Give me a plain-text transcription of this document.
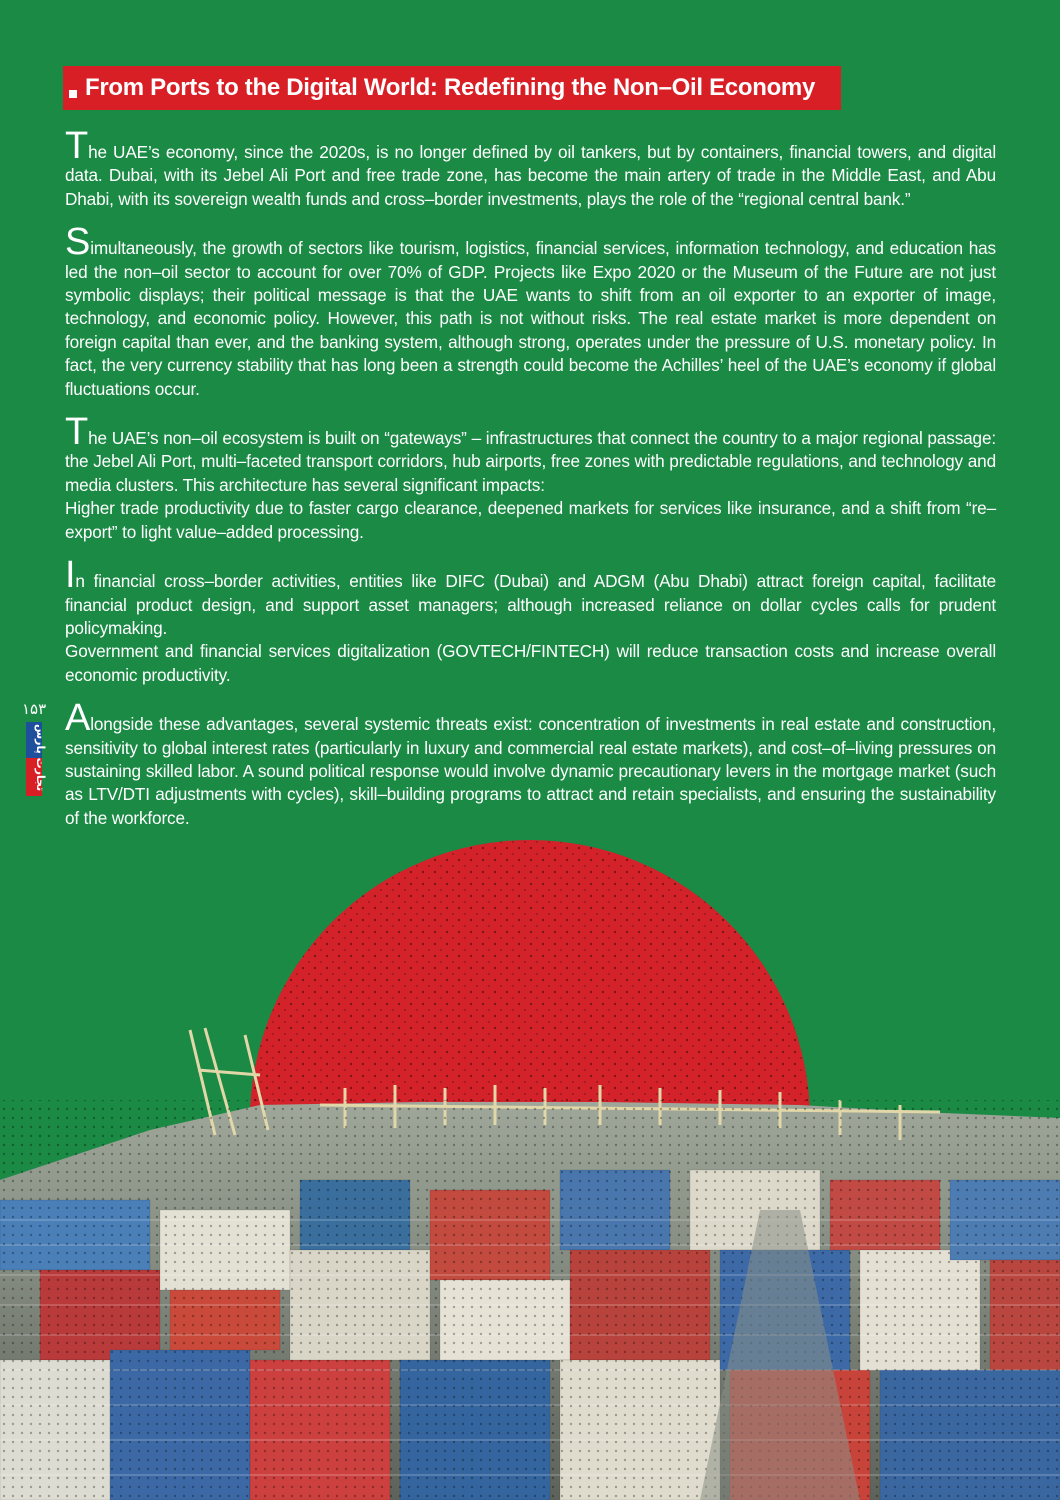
From Ports to the Digital World: Redefining the Non–Oil Economy

The UAE’s economy, since the 2020s, is no longer defined by oil tankers, but by containers, financial towers, and digital data. Dubai, with its Jebel Ali Port and free trade zone, has become the main artery of trade in the Middle East, and Abu Dhabi, with its sovereign wealth funds and cross–border investments, plays the role of the “regional central bank.”

Simultaneously, the growth of sectors like tourism, logistics, financial services, information technology, and education has led the non–oil sector to account for over 70% of GDP. Projects like Expo 2020 or the Museum of the Future are not just symbolic displays; their political message is that the UAE wants to shift from an oil exporter to an exporter of image, technology, and economic policy. However, this path is not without risks. The real estate market is more dependent on foreign capital than ever, and the banking system, although strong, operates under the pressure of U.S. monetary policy. In fact, the very currency stability that has long been a strength could become the Achilles’ heel of the UAE’s economy if global fluctuations occur.

The UAE’s non–oil ecosystem is built on “gateways” – infrastructures that connect the country to a major regional passage: the Jebel Ali Port, multi–faceted transport corridors, hub airports, free zones with predictable regulations, and technology and media clusters. This architecture has several significant impacts:
Higher trade productivity due to faster cargo clearance, deepened markets for services like insurance, and a shift from “re–export” to light value–added processing.

In financial cross–border activities, entities like DIFC (Dubai) and ADGM (Abu Dhabi) attract foreign capital, facilitate financial product design, and support asset managers; although increased reliance on dollar cycles calls for prudent policymaking.
Government and financial services digitalization (GOVTECH/FINTECH) will reduce transaction costs and increase overall economic productivity.

Alongside these advantages, several systemic threats exist: concentration of investments in real estate and construction, sensitivity to global interest rates (particularly in luxury and commercial real estate markets), and cost–of–living pressures on sustaining skilled labor. A sound political response would involve dynamic precautionary levers in the mortgage market (such as LTV/DTI adjustments with cycles), skill–building programs to attract and retain specialists, and ensuring the sustainability of the workforce.

۱۵۳
تجارت پارس
